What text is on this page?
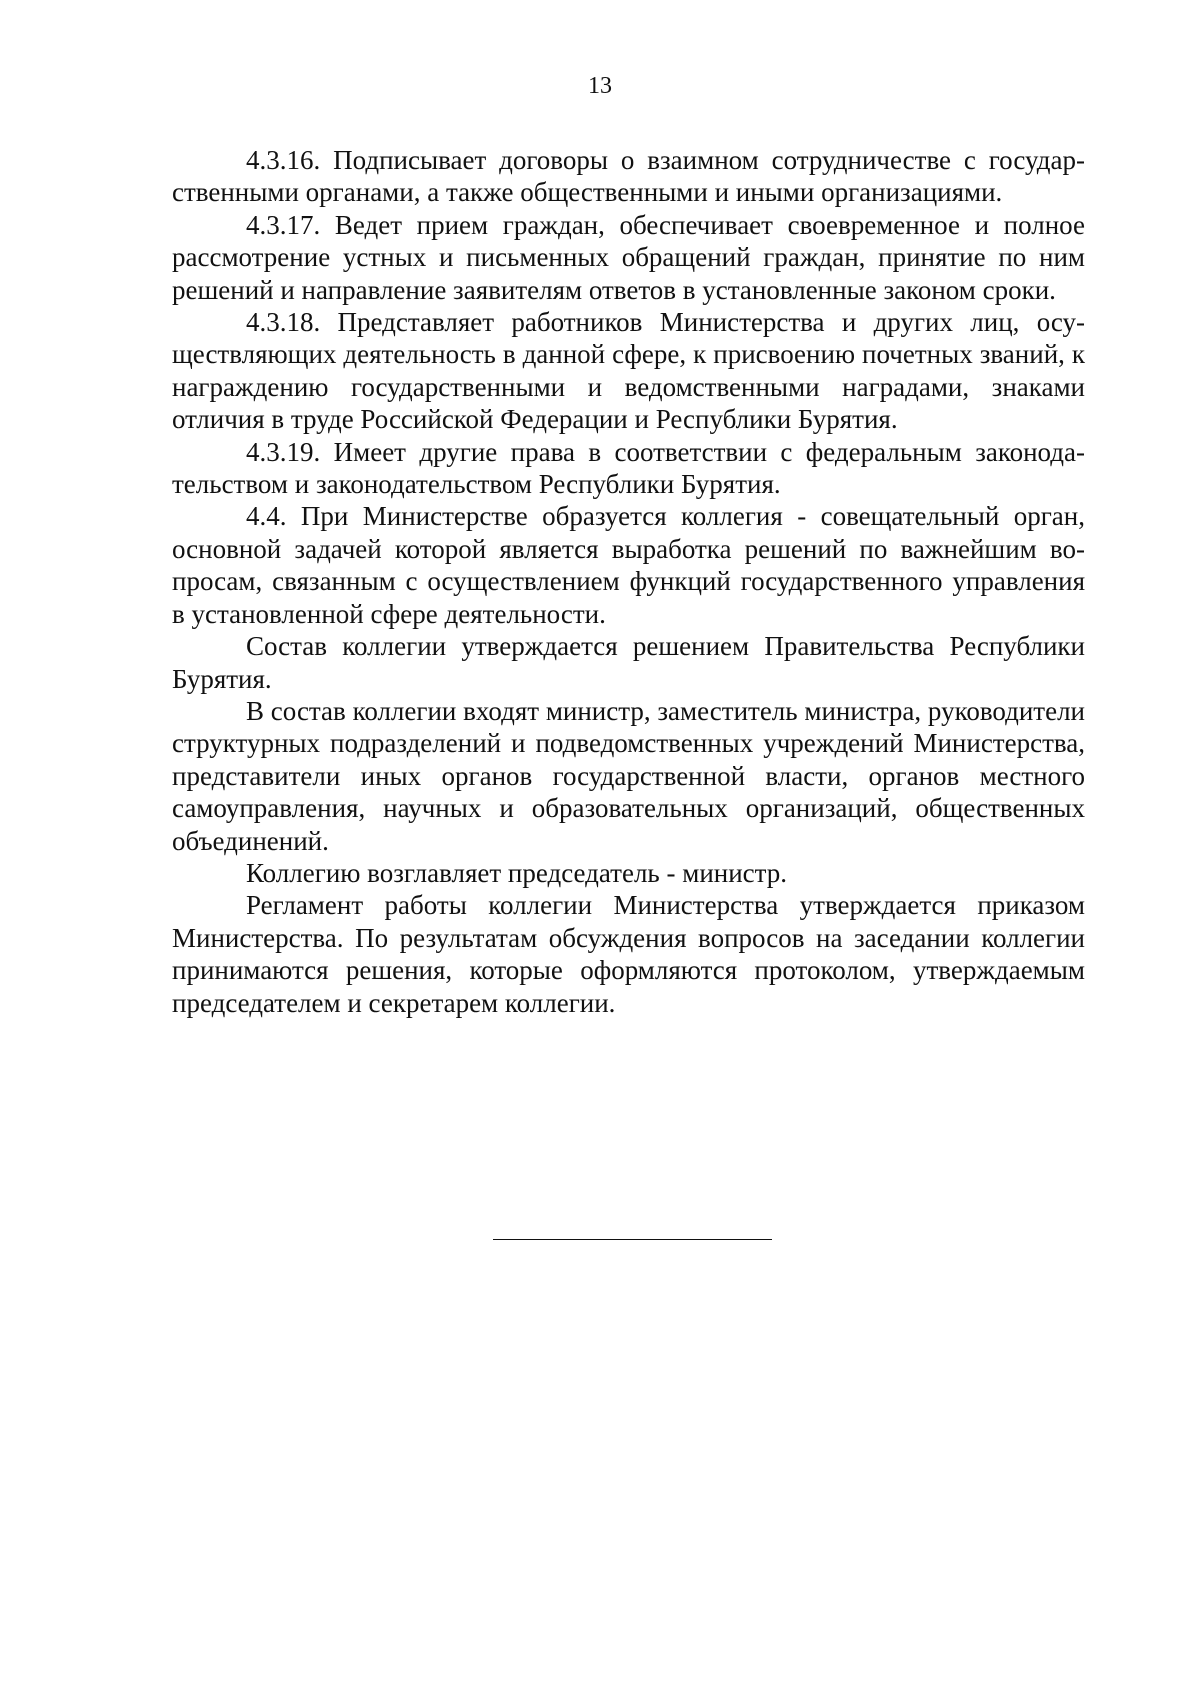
13

4.3.16. Подписывает договоры о взаимном сотрудничестве с государственными органами, а также общественными и иными организациями.

4.3.17. Ведет прием граждан, обеспечивает своевременное и полное рассмотрение устных и письменных обращений граждан, принятие по ним решений и направление заявителям ответов в установленные законом сроки.

4.3.18. Представляет работников Министерства и других лиц, осуществляющих деятельность в данной сфере, к присвоению почетных званий, к награждению государственными и ведомственными наградами, знаками отличия в труде Российской Федерации и Республики Бурятия.

4.3.19. Имеет другие права в соответствии с федеральным законодательством и законодательством Республики Бурятия.

4.4. При Министерстве образуется коллегия - совещательный орган, основной задачей которой является выработка решений по важнейшим вопросам, связанным с осуществлением функций государственного управления в установленной сфере деятельности.

Состав коллегии утверждается решением Правительства Республики Бурятия.

В состав коллегии входят министр, заместитель министра, руководители структурных подразделений и подведомственных учреждений Министерства, представители иных органов государственной власти, органов местного самоуправления, научных и образовательных организаций, общественных объединений.

Коллегию возглавляет председатель - министр.

Регламент работы коллегии Министерства утверждается приказом Министерства. По результатам обсуждения вопросов на заседании коллегии принимаются решения, которые оформляются протоколом, утверждаемым председателем и секретарем коллегии.
